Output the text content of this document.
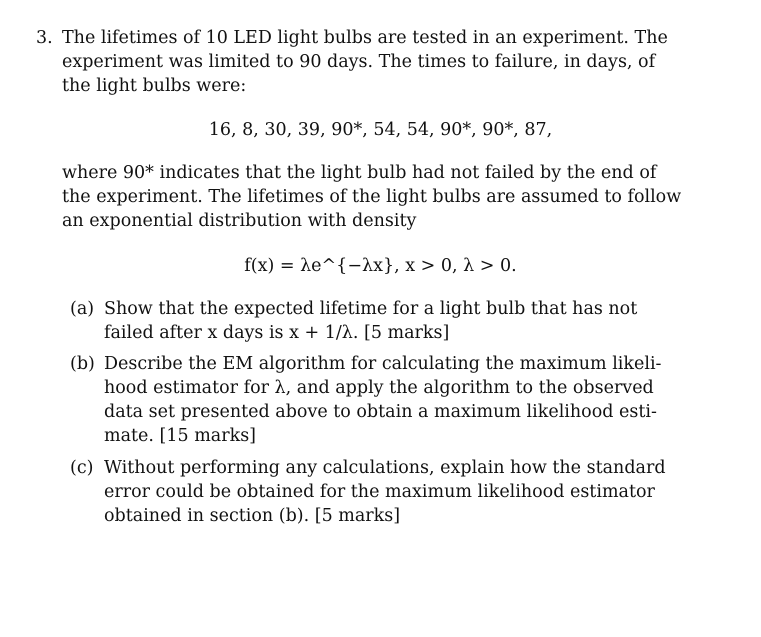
3. The lifetimes of 10 LED light bulbs are tested in an experiment. The
experiment was limited to 90 days. The times to failure, in days, of
the light bulbs were:
16, 8, 30, 39, 90*, 54, 54, 90*, 90*, 87,
where 90* indicates that the light bulb had not failed by the end of
the experiment. The lifetimes of the light bulbs are assumed to follow
an exponential distribution with density
f(x) = λe^{−λx}, x > 0, λ > 0.
(a) Show that the expected lifetime for a light bulb that has not
failed after x days is x + 1/λ. [5 marks]
(b) Describe the EM algorithm for calculating the maximum likeli-
hood estimator for λ, and apply the algorithm to the observed
data set presented above to obtain a maximum likelihood esti-
mate. [15 marks]
(c) Without performing any calculations, explain how the standard
error could be obtained for the maximum likelihood estimator
obtained in section (b). [5 marks]
